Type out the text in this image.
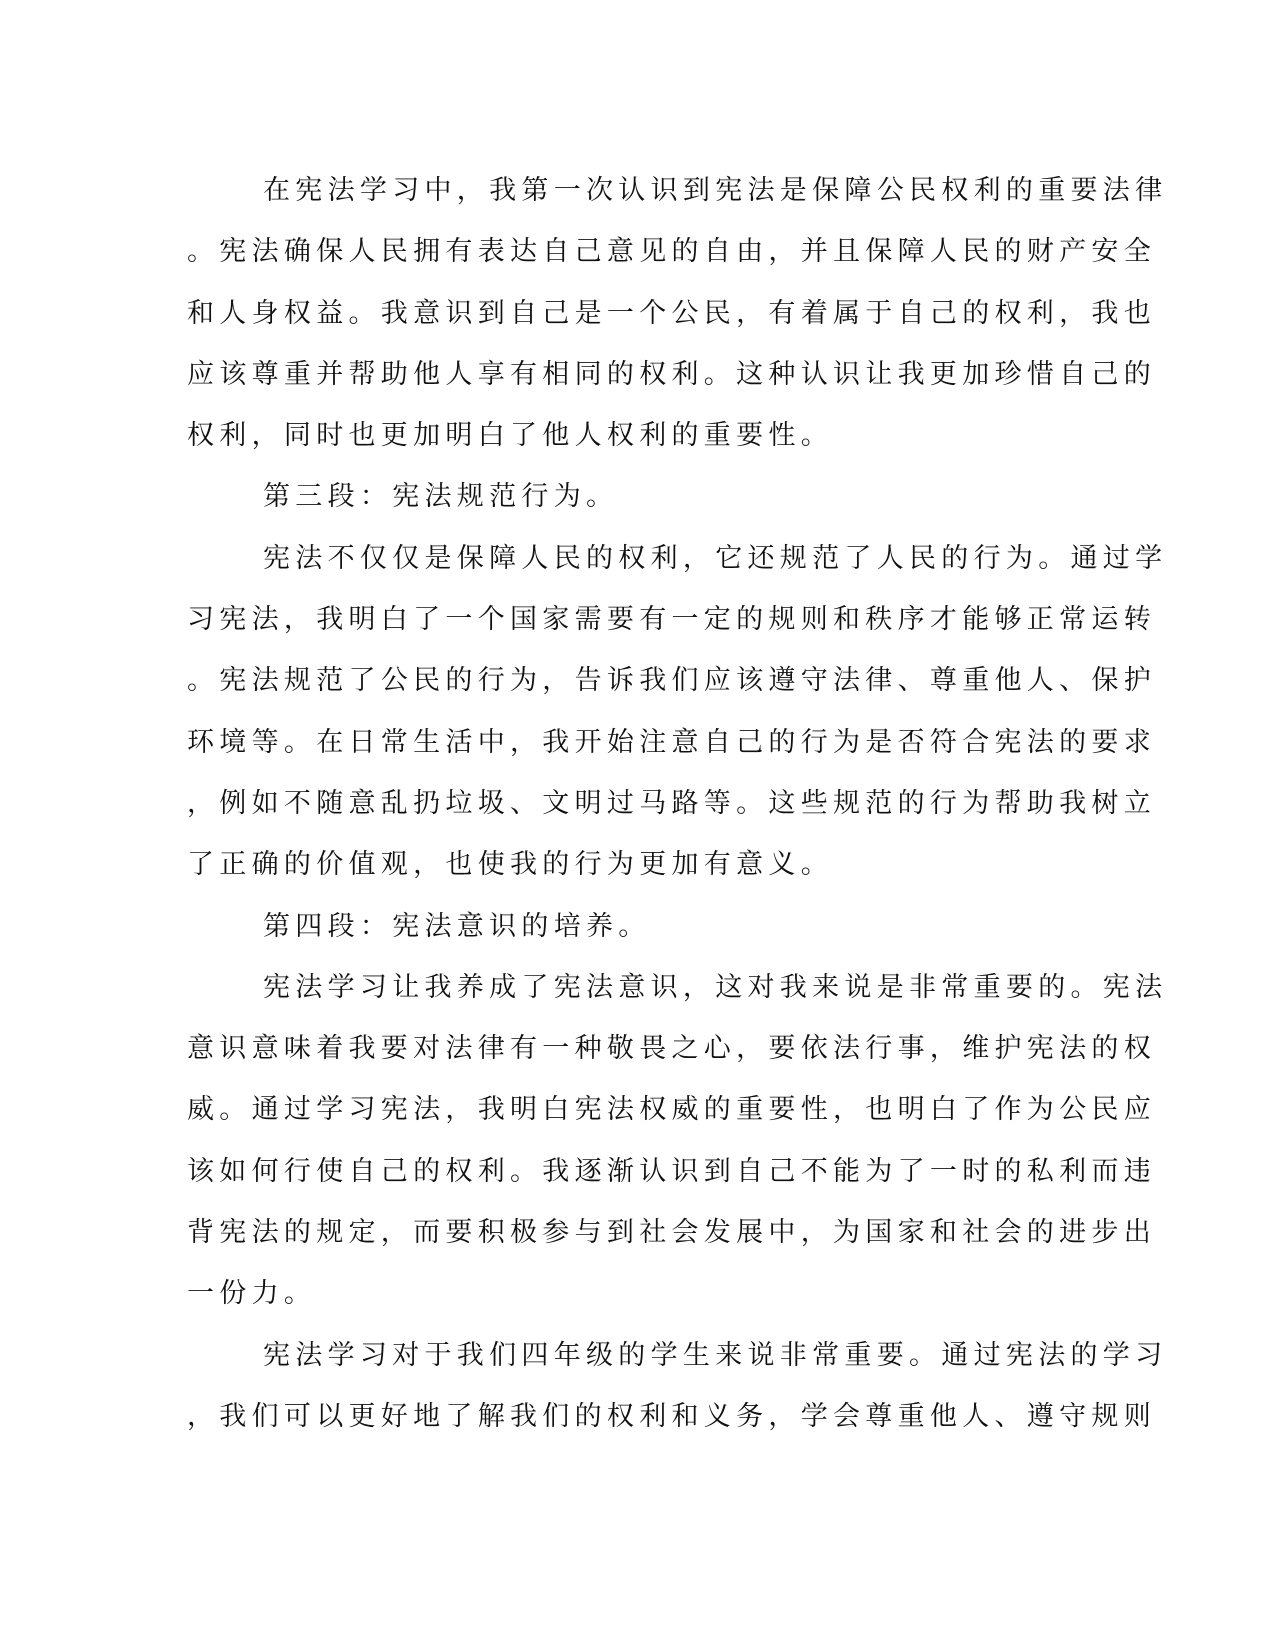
在宪法学习中，我第一次认识到宪法是保障公民权利的重要法律
。宪法确保人民拥有表达自己意见的自由，并且保障人民的财产安全
和人身权益。我意识到自己是一个公民，有着属于自己的权利，我也
应该尊重并帮助他人享有相同的权利。这种认识让我更加珍惜自己的
权利，同时也更加明白了他人权利的重要性。
第三段：宪法规范行为。
宪法不仅仅是保障人民的权利，它还规范了人民的行为。通过学
习宪法，我明白了一个国家需要有一定的规则和秩序才能够正常运转
。宪法规范了公民的行为，告诉我们应该遵守法律、尊重他人、保护
环境等。在日常生活中，我开始注意自己的行为是否符合宪法的要求
，例如不随意乱扔垃圾、文明过马路等。这些规范的行为帮助我树立
了正确的价值观，也使我的行为更加有意义。
第四段：宪法意识的培养。
宪法学习让我养成了宪法意识，这对我来说是非常重要的。宪法
意识意味着我要对法律有一种敬畏之心，要依法行事，维护宪法的权
威。通过学习宪法，我明白宪法权威的重要性，也明白了作为公民应
该如何行使自己的权利。我逐渐认识到自己不能为了一时的私利而违
背宪法的规定，而要积极参与到社会发展中，为国家和社会的进步出
一份力。
宪法学习对于我们四年级的学生来说非常重要。通过宪法的学习
，我们可以更好地了解我们的权利和义务，学会尊重他人、遵守规则
